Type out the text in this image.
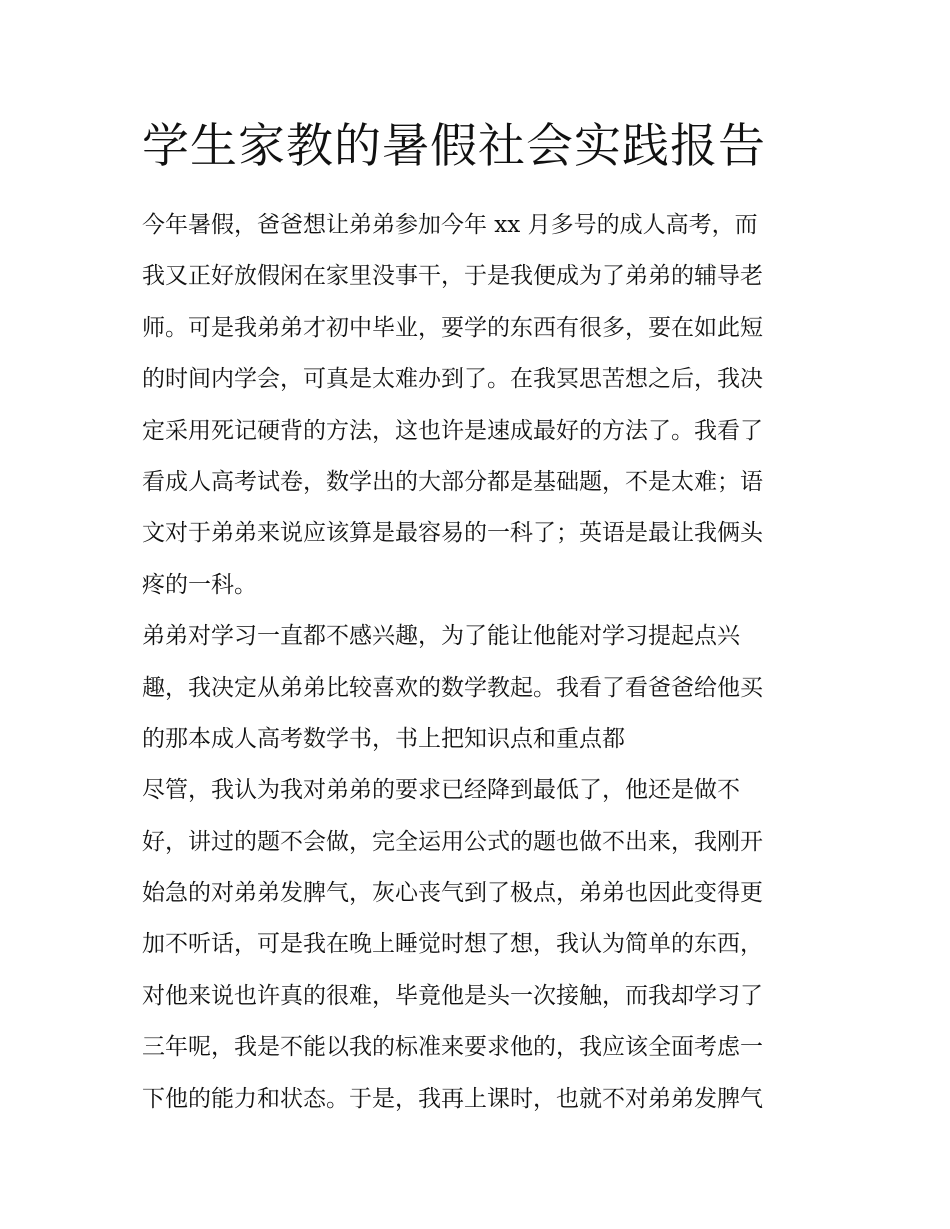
学生家教的暑假社会实践报告
今年暑假，爸爸想让弟弟参加今年 xx 月多号的成人高考，而
我又正好放假闲在家里没事干，于是我便成为了弟弟的辅导老
师。可是我弟弟才初中毕业，要学的东西有很多，要在如此短
的时间内学会，可真是太难办到了。在我冥思苦想之后，我决
定采用死记硬背的方法，这也许是速成最好的方法了。我看了
看成人高考试卷，数学出的大部分都是基础题，不是太难；语
文对于弟弟来说应该算是最容易的一科了；英语是最让我俩头
疼的一科。
弟弟对学习一直都不感兴趣，为了能让他能对学习提起点兴
趣，我决定从弟弟比较喜欢的数学教起。我看了看爸爸给他买
的那本成人高考数学书，书上把知识点和重点都
尽管，我认为我对弟弟的要求已经降到最低了，他还是做不
好，讲过的题不会做，完全运用公式的题也做不出来，我刚开
始急的对弟弟发脾气，灰心丧气到了极点，弟弟也因此变得更
加不听话，可是我在晚上睡觉时想了想，我认为简单的东西，
对他来说也许真的很难，毕竟他是头一次接触，而我却学习了
三年呢，我是不能以我的标准来要求他的，我应该全面考虑一
下他的能力和状态。于是，我再上课时，也就不对弟弟发脾气
